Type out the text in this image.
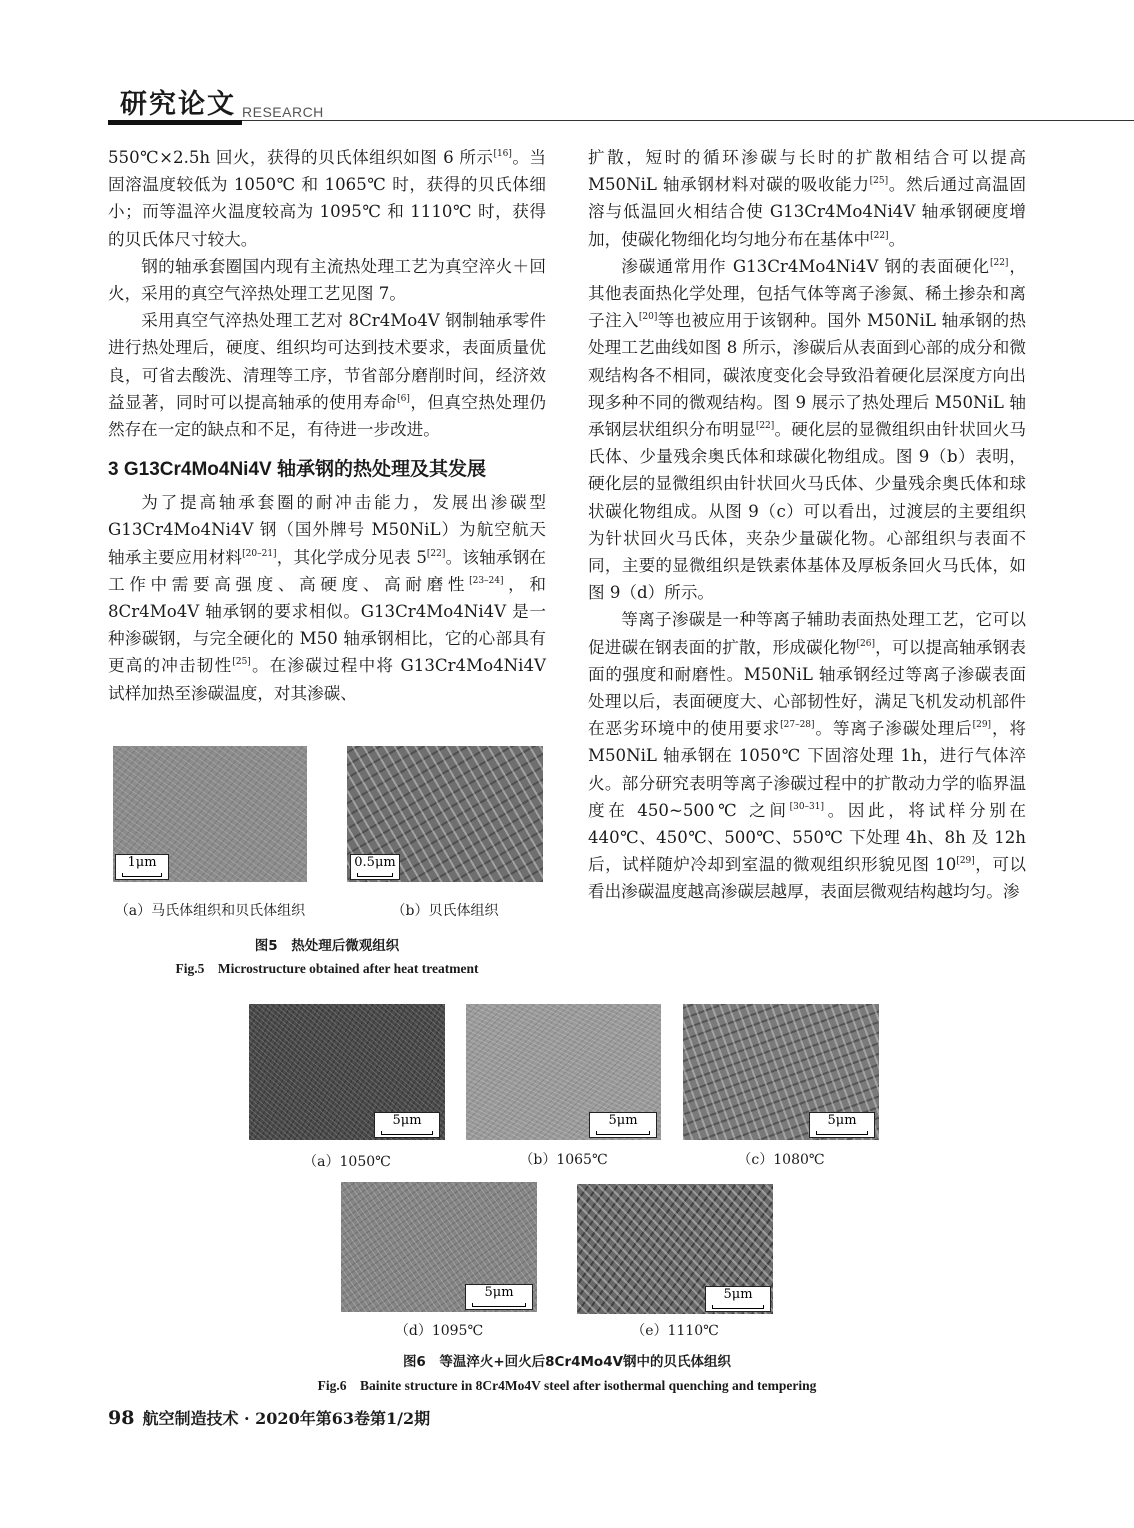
研究论文 RESEARCH

550℃×2.5h 回火，获得的贝氏体组织如图 6 所示[16]。当固溶温度较低为 1050℃ 和 1065℃ 时，获得的贝氏体细小；而等温淬火温度较高为 1095℃ 和 1110℃ 时，获得的贝氏体尺寸较大。

钢的轴承套圈国内现有主流热处理工艺为真空淬火＋回火，采用的真空气淬热处理工艺见图 7。

采用真空气淬热处理工艺对 8Cr4Mo4V 钢制轴承零件进行热处理后，硬度、组织均可达到技术要求，表面质量优良，可省去酸洗、清理等工序，节省部分磨削时间，经济效益显著，同时可以提高轴承的使用寿命[6]，但真空热处理仍然存在一定的缺点和不足，有待进一步改进。

3 G13Cr4Mo4Ni4V 轴承钢的热处理及其发展

为了提高轴承套圈的耐冲击能力，发展出渗碳型 G13Cr4Mo4Ni4V 钢（国外牌号 M50NiL）为航空航天轴承主要应用材料[20–21]，其化学成分见表 5[22]。该轴承钢在工作中需要高强度、高硬度、高耐磨性[23–24]，和 8Cr4Mo4V 轴承钢的要求相似。G13Cr4Mo4Ni4V 是一种渗碳钢，与完全硬化的 M50 轴承钢相比，它的心部具有更高的冲击韧性[25]。在渗碳过程中将 G13Cr4Mo4Ni4V 试样加热至渗碳温度，对其渗碳、

扩散，短时的循环渗碳与长时的扩散相结合可以提高 M50NiL 轴承钢材料对碳的吸收能力[25]。然后通过高温固溶与低温回火相结合使 G13Cr4Mo4Ni4V 轴承钢硬度增加，使碳化物细化均匀地分布在基体中[22]。

渗碳通常用作 G13Cr4Mo4Ni4V 钢的表面硬化[22]，其他表面热化学处理，包括气体等离子渗氮、稀土掺杂和离子注入[20]等也被应用于该钢种。国外 M50NiL 轴承钢的热处理工艺曲线如图 8 所示，渗碳后从表面到心部的成分和微观结构各不相同，碳浓度变化会导致沿着硬化层深度方向出现多种不同的微观结构。图 9 展示了热处理后 M50NiL 轴承钢层状组织分布明显[22]。硬化层的显微组织由针状回火马氏体、少量残余奥氏体和球碳化物组成。图 9（b）表明，硬化层的显微组织由针状回火马氏体、少量残余奥氏体和球状碳化物组成。从图 9（c）可以看出，过渡层的主要组织为针状回火马氏体，夹杂少量碳化物。心部组织与表面不同，主要的显微组织是铁素体基体及厚板条回火马氏体，如图 9（d）所示。

等离子渗碳是一种等离子辅助表面热处理工艺，它可以促进碳在钢表面的扩散，形成碳化物[26]，可以提高轴承钢表面的强度和耐磨性。M50NiL 轴承钢经过等离子渗碳表面处理以后，表面硬度大、心部韧性好，满足飞机发动机部件在恶劣环境中的使用要求[27–28]。等离子渗碳处理后[29]，将 M50NiL 轴承钢在 1050℃ 下固溶处理 1h，进行气体淬火。部分研究表明等离子渗碳过程中的扩散动力学的临界温度在 450~500℃ 之间[30–31]。因此，将试样分别在 440℃、450℃、500℃、550℃ 下处理 4h、8h 及 12h 后，试样随炉冷却到室温的微观组织形貌见图 10[29]，可以看出渗碳温度越高渗碳层越厚，表面层微观结构越均匀。渗

1μm	0.5μm
（a）马氏体组织和贝氏体组织	（b）贝氏体组织
图5　热处理后微观组织
Fig.5　Microstructure obtained after heat treatment
5μm	5μm	5μm
（a）1050℃	（b）1065℃	（c）1080℃
5μm	5μm
（d）1095℃	（e）1110℃
图6　等温淬火+回火后8Cr4Mo4V钢中的贝氏体组织
Fig.6　Bainite structure in 8Cr4Mo4V steel after isothermal quenching and tempering
98 航空制造技术 · 2020年第63卷第1/2期
